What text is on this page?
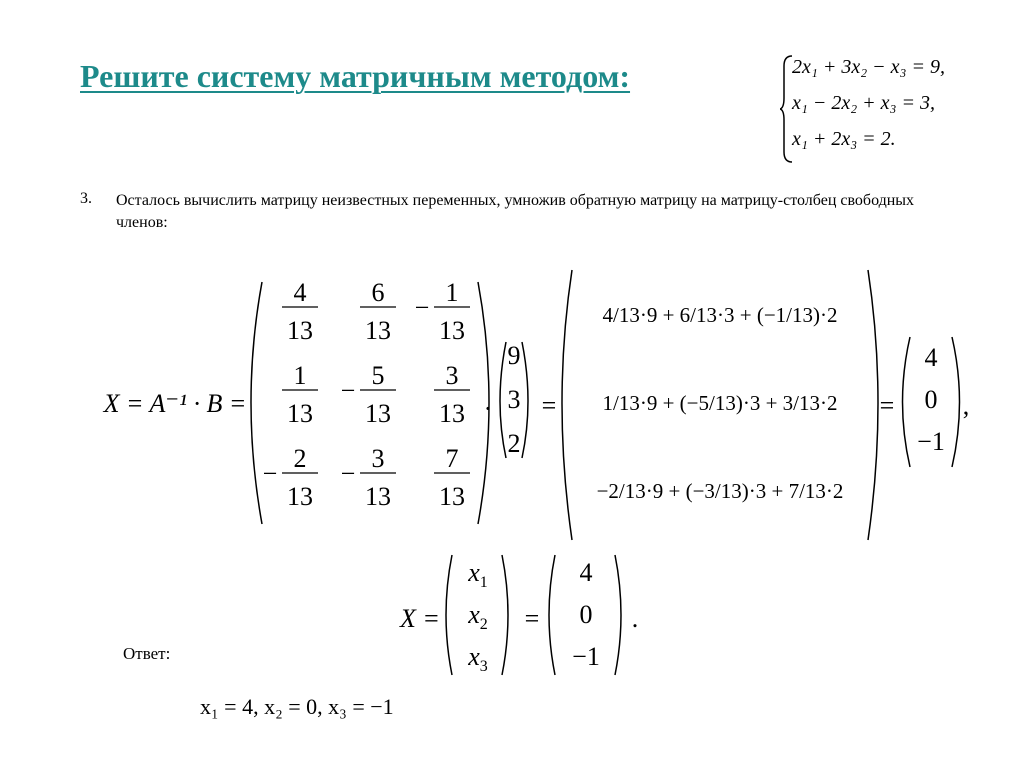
Решите систему матричным методом:	2x₁ + 3x₂ − x₃ = 9,
x₁ − 2x₂ + x₃ = 3,
x₁ + 2x₃ = 2.
3. Осталось вычислить матрицу неизвестных переменных, умножив обратную матрицу на матрицу-столбец свободных членов:
X = A⁻¹ · B =
4
13
6
13
−
1
13
1
13
−
5
13
3
13
−
2
13
−
3
13
7
13
·
9
3
2
=
4/13·9 + 6/13·3 + (−1/13)·2
1/13·9 + (−5/13)·3 + 3/13·2
−2/13·9 + (−3/13)·3 + 7/13·2
=
4
0
−1
,
X =
$x_1$
$x_2$
$x_3$
=
4
0
−1
.
Ответ:
x₁ = 4, x₂ = 0, x₃ = −1
